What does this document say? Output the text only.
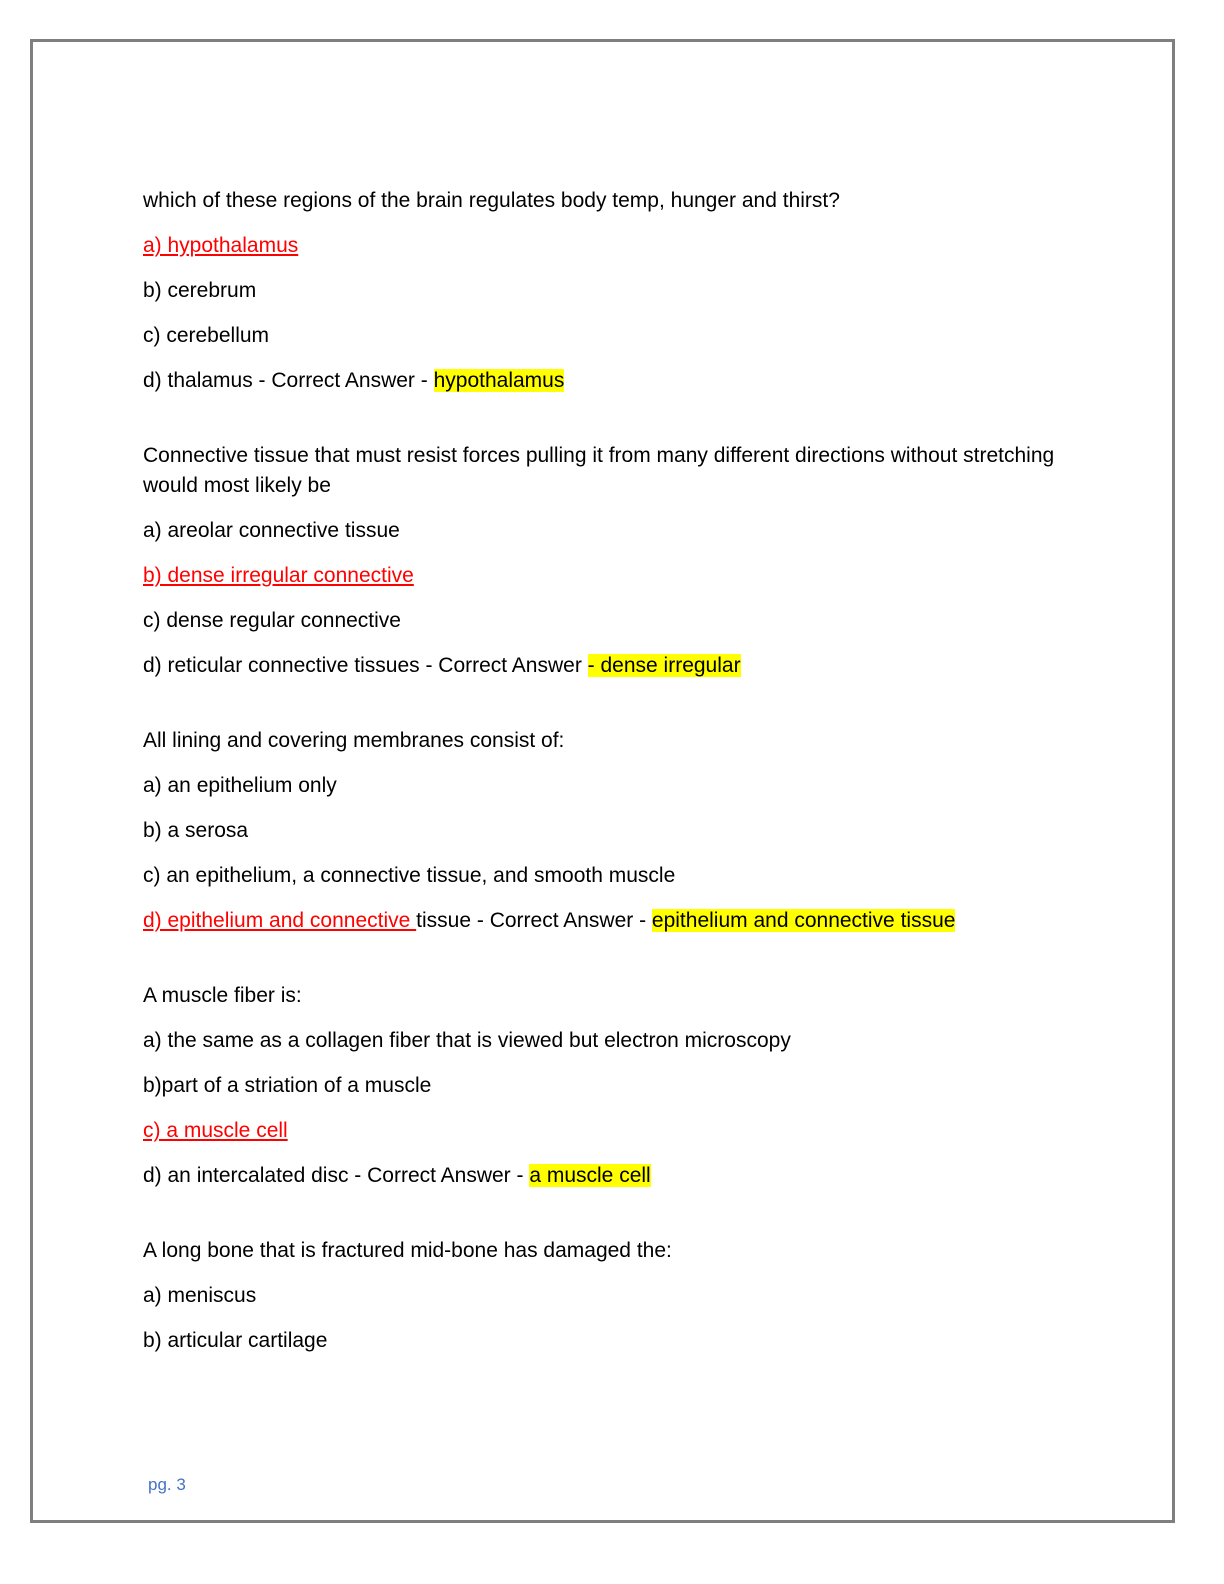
which of these regions of the brain regulates body temp, hunger and thirst?
a) hypothalamus
b) cerebrum
c) cerebellum
d) thalamus - Correct Answer - hypothalamus
Connective tissue that must resist forces pulling it from many different directions without stretching would most likely be
a) areolar connective tissue
b) dense irregular connective
c) dense regular connective
d) reticular connective tissues - Correct Answer - dense irregular
All lining and covering membranes consist of:
a) an epithelium only
b) a serosa
c) an epithelium, a connective tissue, and smooth muscle
d) epithelium and connective tissue - Correct Answer - epithelium and connective tissue
A muscle fiber is:
a) the same as a collagen fiber that is viewed but electron microscopy
b)part of a striation of a muscle
c) a muscle cell
d) an intercalated disc - Correct Answer - a muscle cell
A long bone that is fractured mid-bone has damaged the:
a) meniscus
b) articular cartilage
pg. 3
